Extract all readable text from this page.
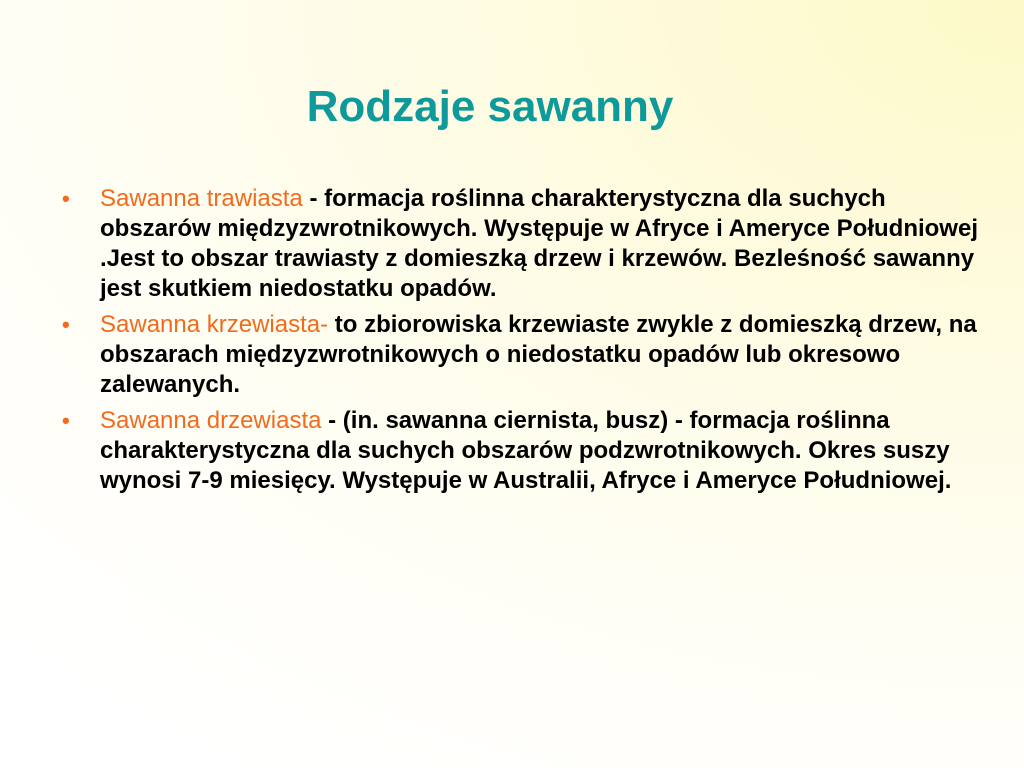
Rodzaje sawanny
• Sawanna trawiasta - formacja roślinna charakterystyczna dla suchych obszarów międzyzwrotnikowych. Występuje w Afryce i Ameryce Południowej .Jest to obszar trawiasty z domieszką drzew i krzewów. Bezleśność sawanny jest skutkiem niedostatku opadów.
• Sawanna krzewiasta- to zbiorowiska krzewiaste zwykle z domieszką drzew, na obszarach międzyzwrotnikowych o niedostatku opadów lub okresowo zalewanych.
• Sawanna drzewiasta - (in. sawanna ciernista, busz) - formacja roślinna charakterystyczna dla suchych obszarów podzwrotnikowych. Okres suszy wynosi 7-9 miesięcy. Występuje w Australii, Afryce i Ameryce Południowej.
